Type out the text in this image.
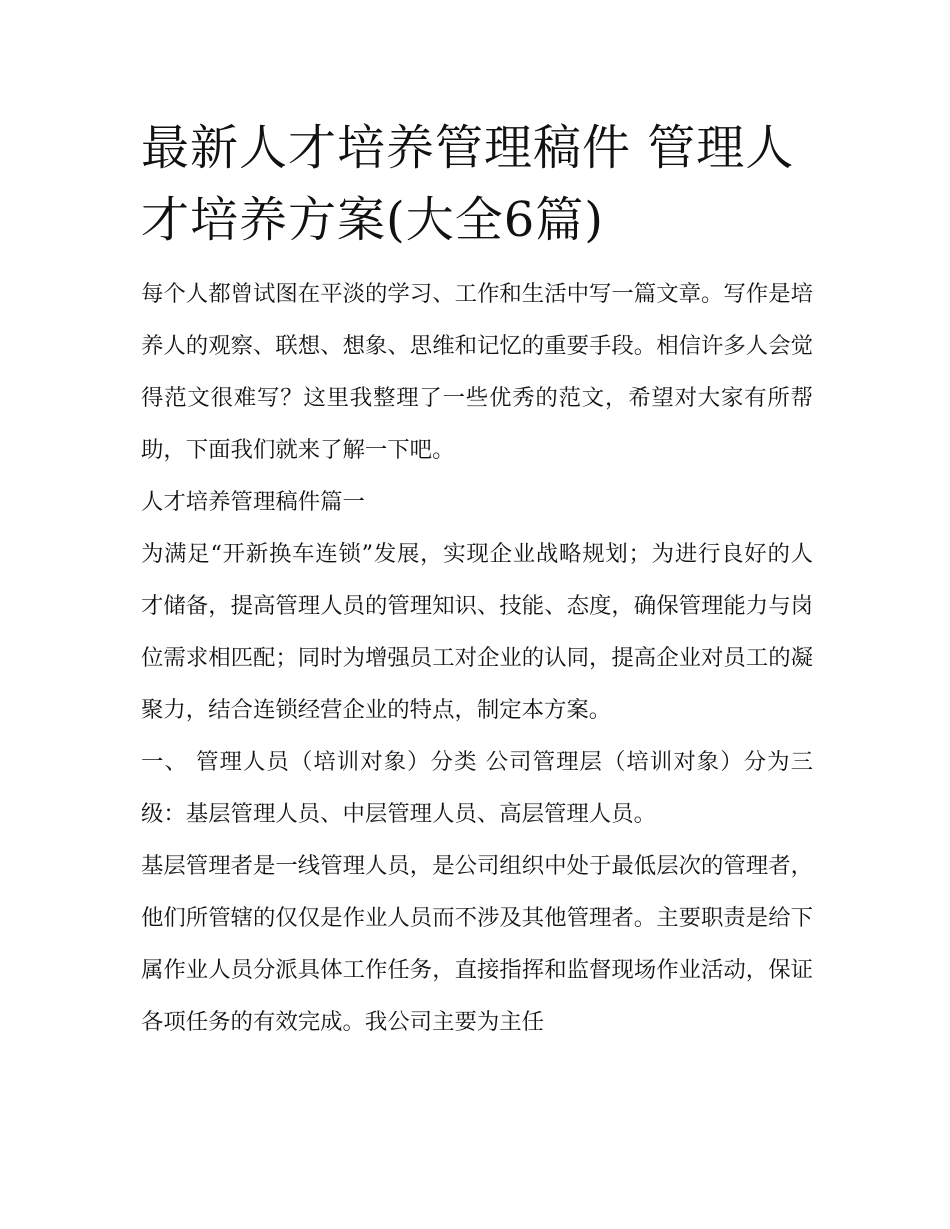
最新人才培养管理稿件 管理人才培养方案(大全6篇)

每个人都曾试图在平淡的学习、工作和生活中写一篇文章。写作是培养人的观察、联想、想象、思维和记忆的重要手段。相信许多人会觉得范文很难写？这里我整理了一些优秀的范文，希望对大家有所帮助，下面我们就来了解一下吧。

人才培养管理稿件篇一

为满足“开新换车连锁”发展，实现企业战略规划；为进行良好的人才储备，提高管理人员的管理知识、技能、态度，确保管理能力与岗位需求相匹配；同时为增强员工对企业的认同，提高企业对员工的凝聚力，结合连锁经营企业的特点，制定本方案。

一、 管理人员（培训对象）分类 公司管理层（培训对象）分为三级：基层管理人员、中层管理人员、高层管理人员。

基层管理者是一线管理人员，是公司组织中处于最低层次的管理者，他们所管辖的仅仅是作业人员而不涉及其他管理者。主要职责是给下属作业人员分派具体工作任务，直接指挥和监督现场作业活动，保证各项任务的有效完成。我公司主要为主任
